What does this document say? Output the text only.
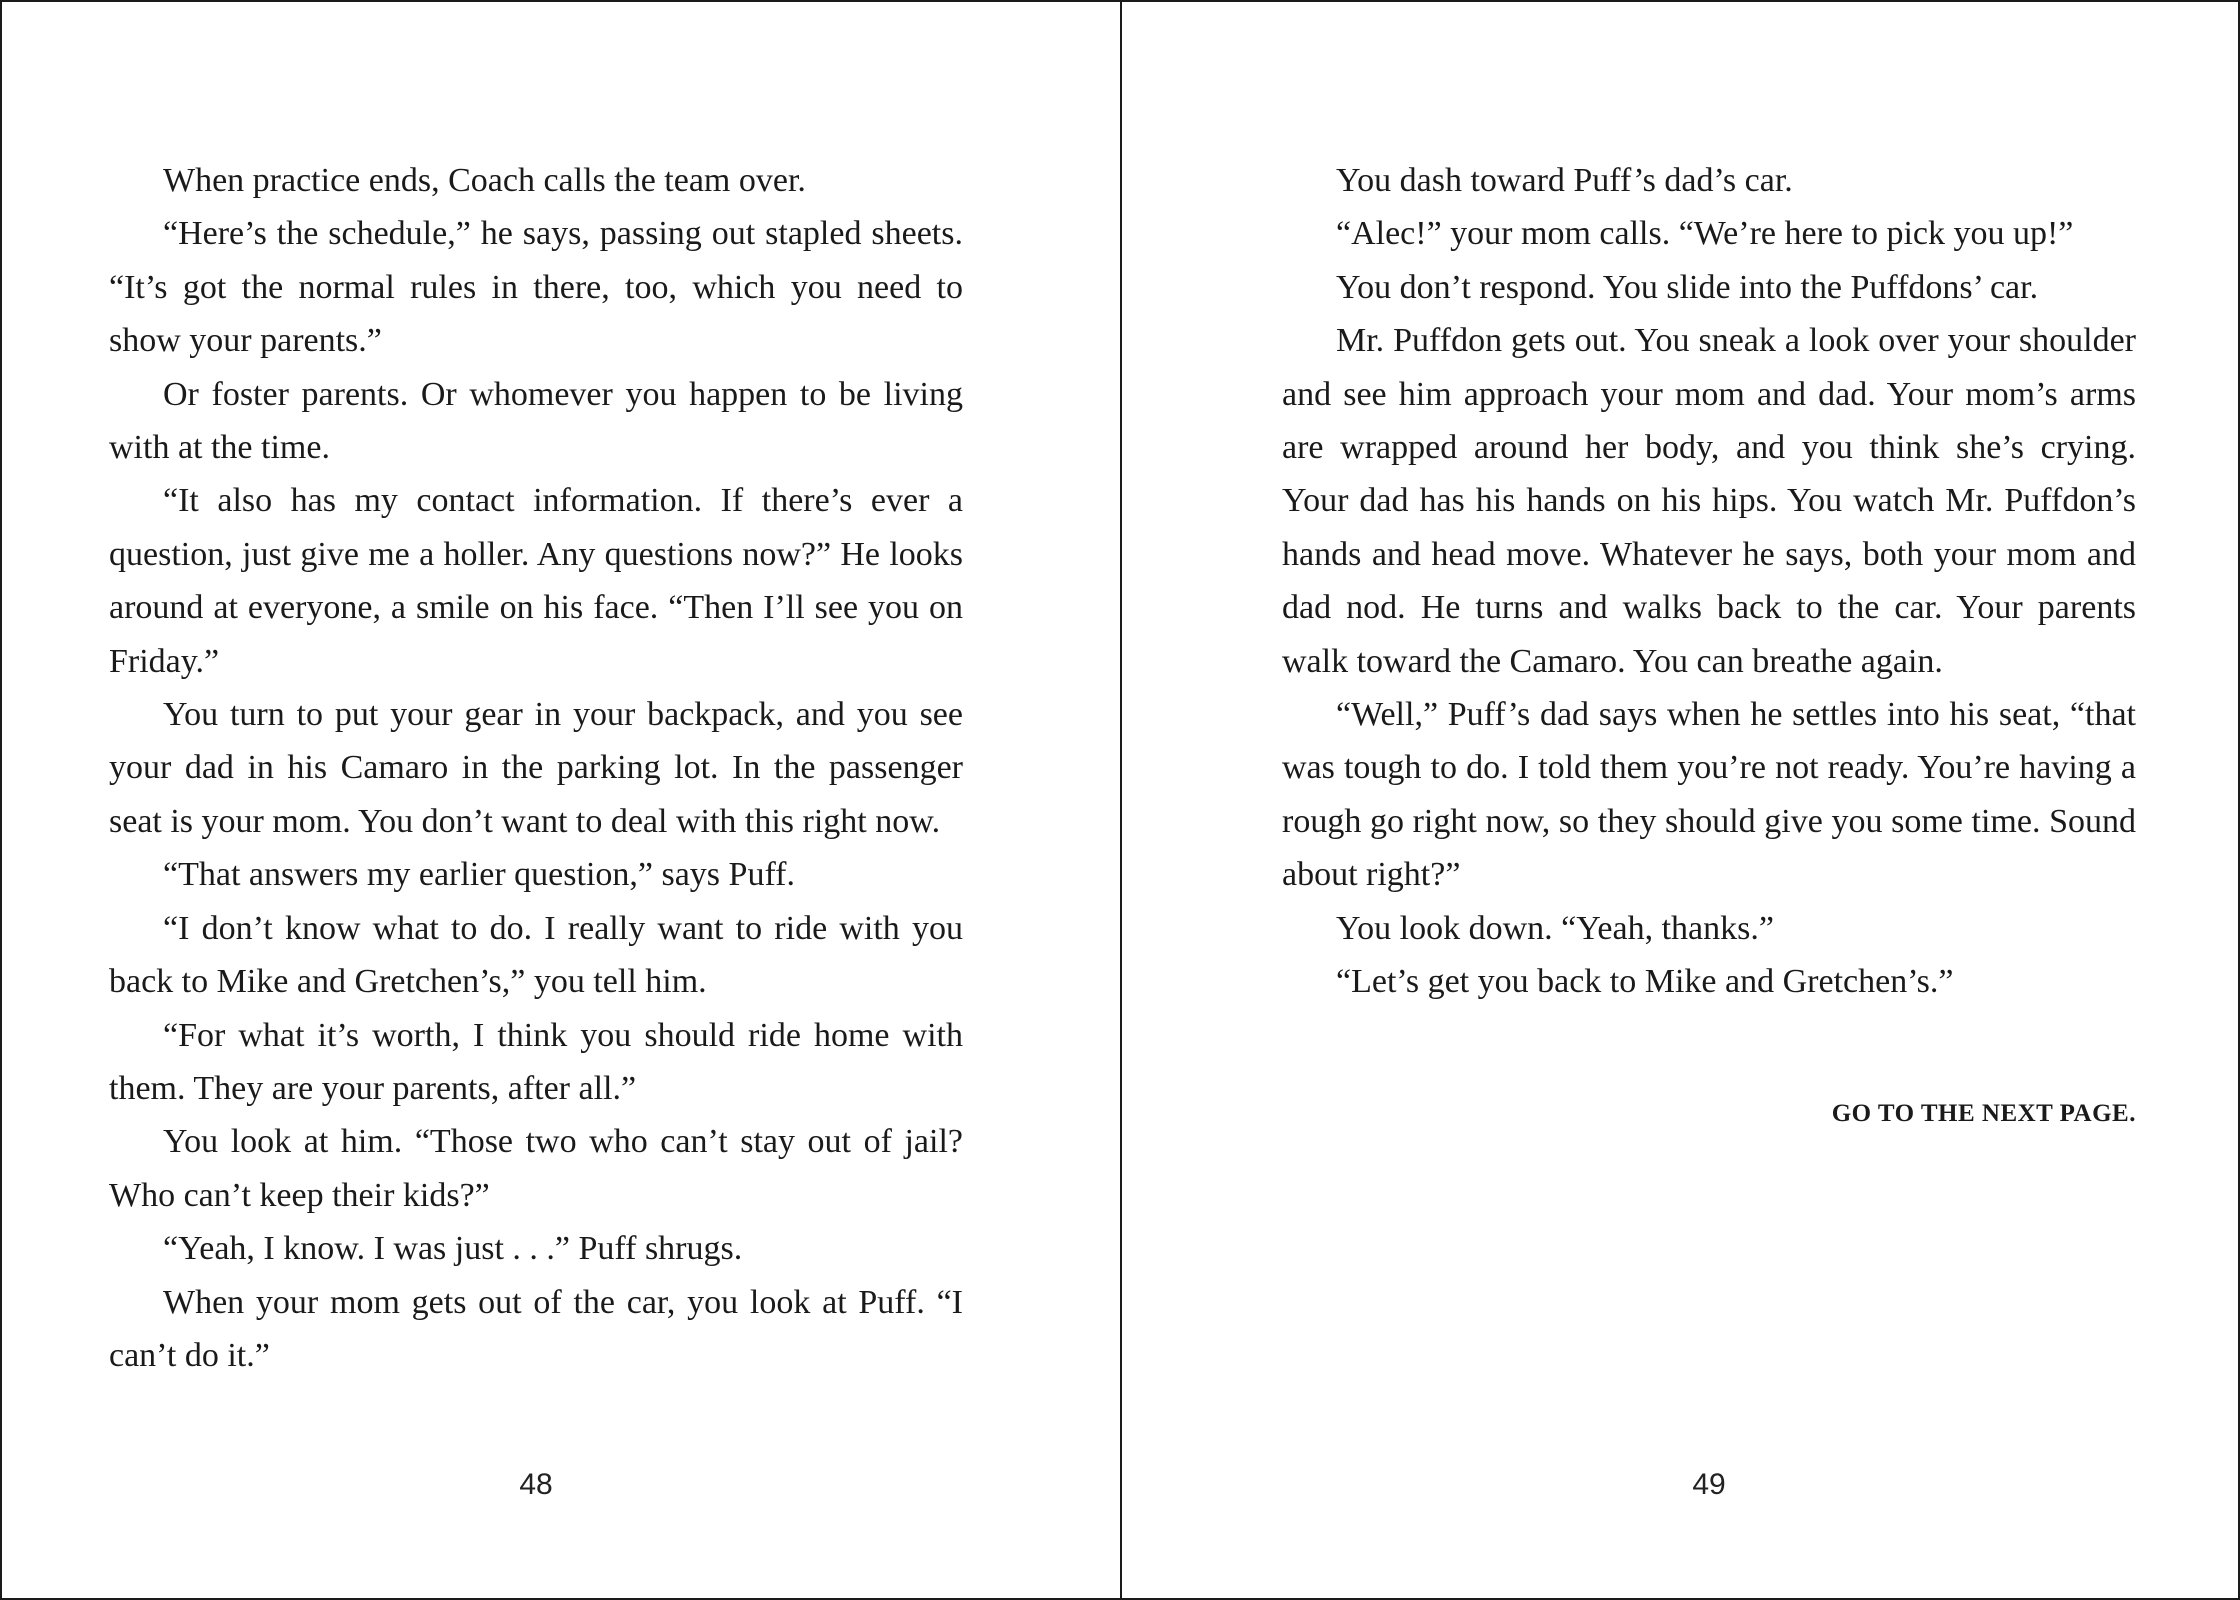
When practice ends, Coach calls the team over.

“Here’s the schedule,” he says, passing out stapled sheets. “It’s got the normal rules in there, too, which you need to show your parents.”

Or foster parents. Or whomever you happen to be living with at the time.

“It also has my contact information. If there’s ever a question, just give me a holler. Any questions now?” He looks around at everyone, a smile on his face. “Then I’ll see you on Friday.”

You turn to put your gear in your backpack, and you see your dad in his Camaro in the parking lot. In the passenger seat is your mom. You don’t want to deal with this right now.

“That answers my earlier question,” says Puff.

“I don’t know what to do. I really want to ride with you back to Mike and Gretchen’s,” you tell him.

“For what it’s worth, I think you should ride home with them. They are your parents, after all.”

You look at him. “Those two who can’t stay out of jail? Who can’t keep their kids?”

“Yeah, I know. I was just . . .” Puff shrugs.

When your mom gets out of the car, you look at Puff. “I can’t do it.”

48

You dash toward Puff’s dad’s car.

“Alec!” your mom calls. “We’re here to pick you up!”

You don’t respond. You slide into the Puffdons’ car.

Mr. Puffdon gets out. You sneak a look over your shoulder and see him approach your mom and dad. Your mom’s arms are wrapped around her body, and you think she’s crying. Your dad has his hands on his hips. You watch Mr. Puffdon’s hands and head move. Whatever he says, both your mom and dad nod. He turns and walks back to the car. Your parents walk toward the Camaro. You can breathe again.

“Well,” Puff’s dad says when he settles into his seat, “that was tough to do. I told them you’re not ready. You’re having a rough go right now, so they should give you some time. Sound about right?”

You look down. “Yeah, thanks.”

“Let’s get you back to Mike and Gretchen’s.”

GO TO THE NEXT PAGE.
49
